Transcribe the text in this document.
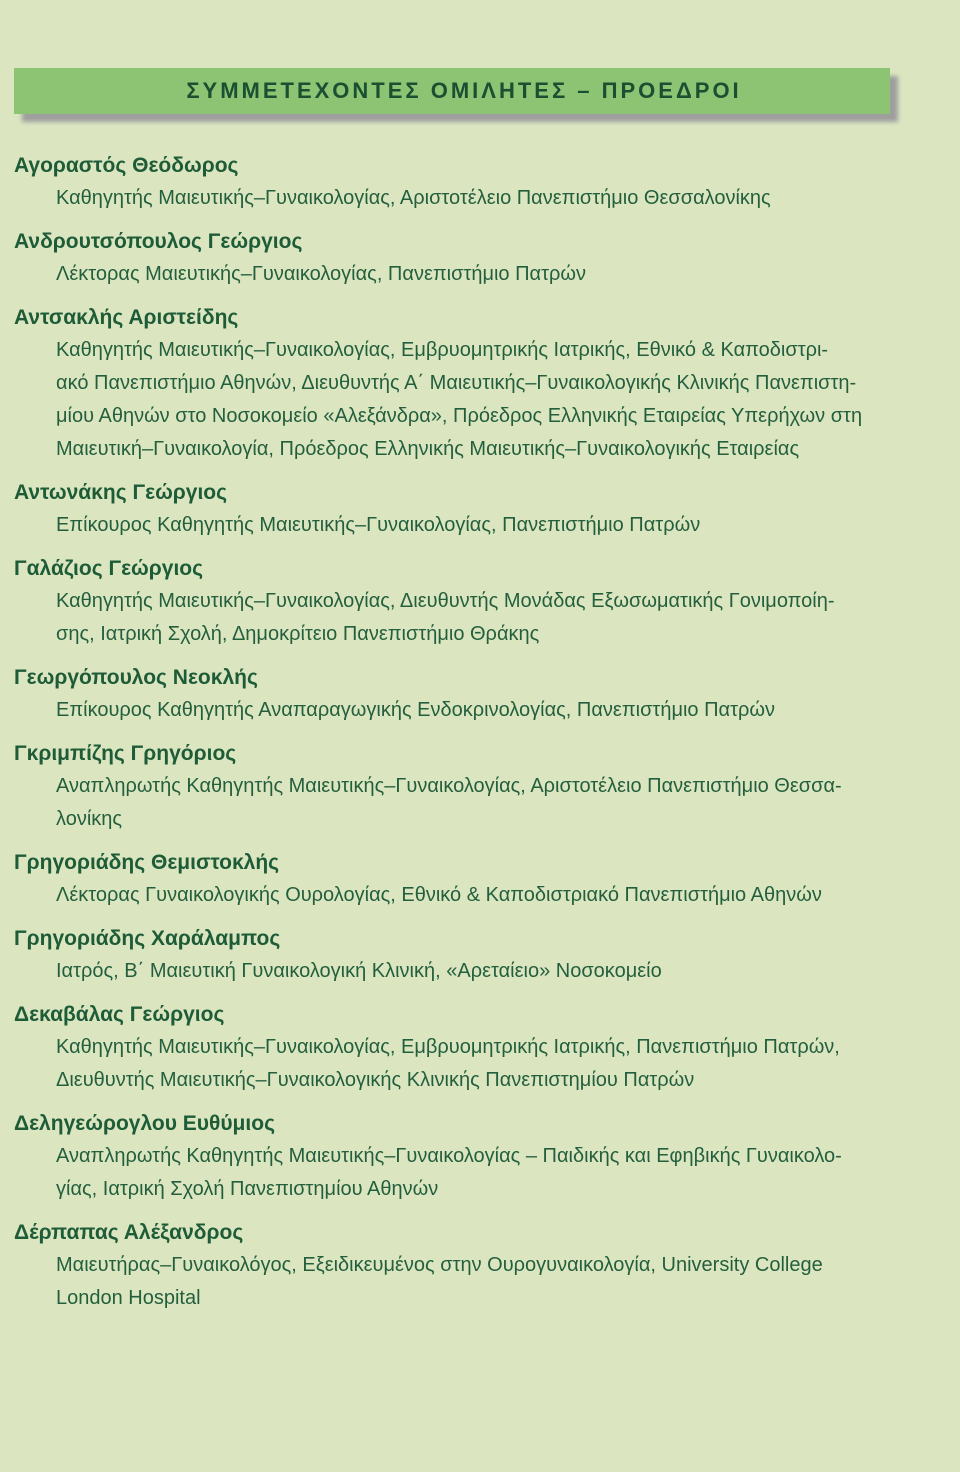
ΣΥΜΜΕΤΕΧΟΝΤΕΣ ΟΜΙΛΗΤΕΣ – ΠΡΟΕΔΡΟΙ
Αγοραστός Θεόδωρος
Καθηγητής Μαιευτικής–Γυναικολογίας, Αριστοτέλειο Πανεπιστήμιο Θεσσαλονίκης
Ανδρουτσόπουλος Γεώργιος
Λέκτορας Μαιευτικής–Γυναικολογίας, Πανεπιστήμιο Πατρών
Αντσακλής Αριστείδης
Καθηγητής Μαιευτικής–Γυναικολογίας, Εμβρυομητρικής Ιατρικής, Εθνικό & Καποδιστρι-
ακό Πανεπιστήμιο Αθηνών, Διευθυντής Α΄ Μαιευτικής–Γυναικολογικής Κλινικής Πανεπιστη-
μίου Αθηνών στο Νοσοκομείο «Αλεξάνδρα», Πρόεδρος Ελληνικής Εταιρείας Υπερήχων στη
Μαιευτική–Γυναικολογία, Πρόεδρος Ελληνικής Μαιευτικής–Γυναικολογικής Εταιρείας
Αντωνάκης Γεώργιος
Επίκουρος Καθηγητής Μαιευτικής–Γυναικολογίας, Πανεπιστήμιο Πατρών
Γαλάζιος Γεώργιος
Καθηγητής Μαιευτικής–Γυναικολογίας, Διευθυντής Μονάδας Εξωσωματικής Γονιμοποίη-
σης, Ιατρική Σχολή, Δημοκρίτειο Πανεπιστήμιο Θράκης
Γεωργόπουλος Νεοκλής
Επίκουρος Καθηγητής Αναπαραγωγικής Ενδοκρινολογίας, Πανεπιστήμιο Πατρών
Γκριμπίζης Γρηγόριος
Αναπληρωτής Καθηγητής Μαιευτικής–Γυναικολογίας, Αριστοτέλειο Πανεπιστήμιο Θεσσα-
λονίκης
Γρηγοριάδης Θεμιστοκλής
Λέκτορας Γυναικολογικής Ουρολογίας, Εθνικό & Καποδιστριακό Πανεπιστήμιο Αθηνών
Γρηγοριάδης Χαράλαμπος
Ιατρός, Β΄ Μαιευτική Γυναικολογική Κλινική, «Αρεταίειο» Νοσοκομείο
Δεκαβάλας Γεώργιος
Καθηγητής Μαιευτικής–Γυναικολογίας, Εμβρυομητρικής Ιατρικής, Πανεπιστήμιο Πατρών,
Διευθυντής Μαιευτικής–Γυναικολογικής Κλινικής Πανεπιστημίου Πατρών
Δεληγεώρογλου Ευθύμιος
Αναπληρωτής Καθηγητής Μαιευτικής–Γυναικολογίας – Παιδικής και Εφηβικής Γυναικολο-
γίας, Ιατρική Σχολή Πανεπιστημίου Αθηνών
Δέρπαπας Αλέξανδρος
Μαιευτήρας–Γυναικολόγος, Εξειδικευμένος στην Ουρογυναικολογία, University College
London Hospital
